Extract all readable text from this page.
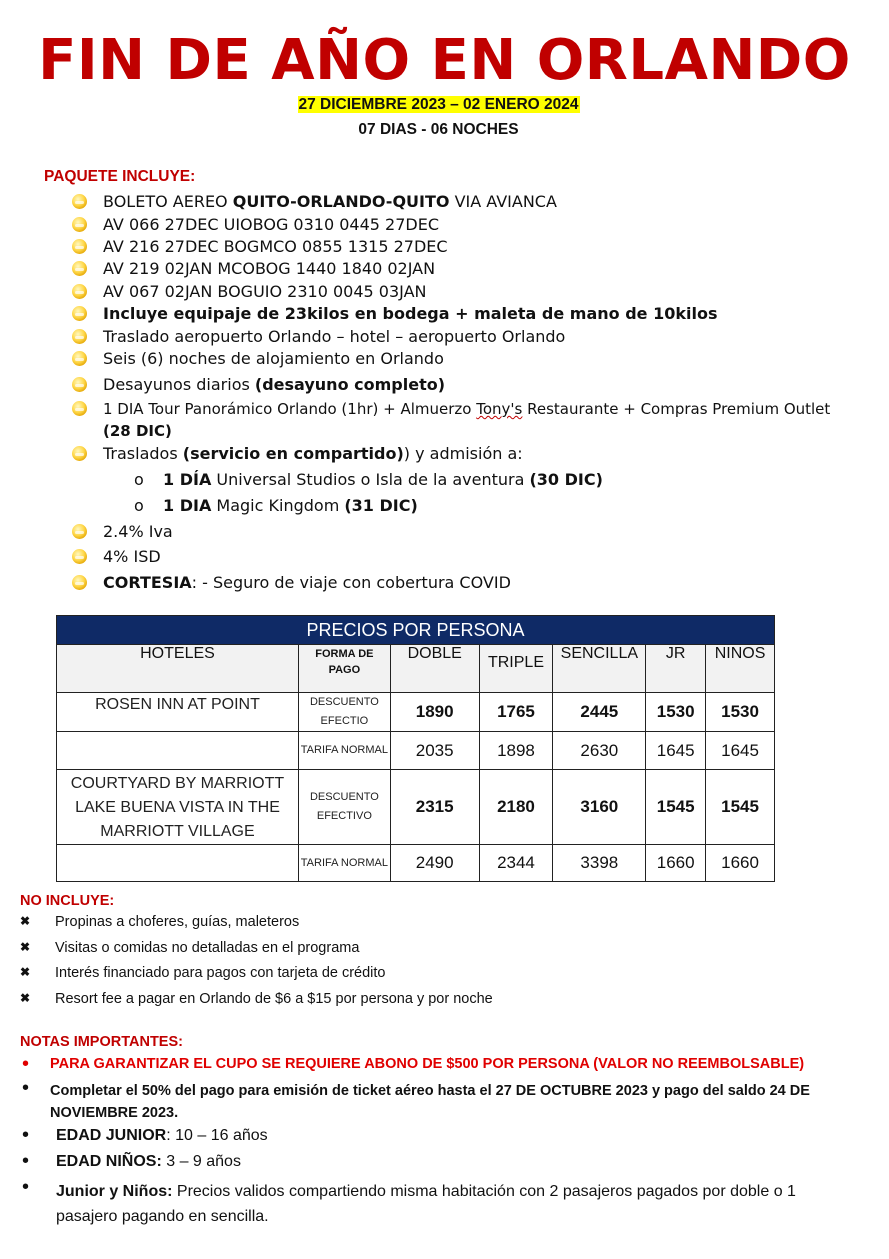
FIN DE AÑO EN ORLANDO
27 DICIEMBRE 2023 – 02 ENERO 2024
07 DIAS - 06 NOCHES
PAQUETE INCLUYE:
BOLETO AEREO QUITO-ORLANDO-QUITO VIA AVIANCA
AV 066 27DEC UIOBOG 0310 0445 27DEC
AV 216 27DEC BOGMCO 0855 1315 27DEC
AV 219 02JAN MCOBOG 1440 1840 02JAN
AV 067 02JAN BOGUIO 2310 0045 03JAN
Incluye equipaje de 23kilos en bodega + maleta de mano de 10kilos
Traslado aeropuerto Orlando – hotel – aeropuerto Orlando
Seis (6) noches de alojamiento en Orlando
Desayunos diarios (desayuno completo)
1 DIA Tour Panorámico Orlando (1hr) + Almuerzo Tony's Restaurante + Compras Premium Outlet (28 DIC)
Traslados (servicio en compartido)) y admisión a:
2.4% Iva
4% ISD
CORTESIA: - Seguro de viaje con cobertura COVID
o 1 DÍA Universal Studios o Isla de la aventura (30 DIC)
o 1 DIA Magic Kingdom (31 DIC)
PRECIOS POR PERSONA						
HOTELES	FORMA DE PAGO	DOBLE	TRIPLE	SENCILLA	JR	NINOS
ROSEN INN AT POINT	DESCUENTO EFECTIO	1890	1765	2445	1530	1530
	TARIFA NORMAL	2035	1898	2630	1645	1645
COURTYARD BY MARRIOTT LAKE BUENA VISTA IN THE MARRIOTT VILLAGE	DESCUENTO EFECTIVO	2315	2180	3160	1545	1545
	TARIFA NORMAL	2490	2344	3398	1660	1660
NO INCLUYE:
✖ Propinas a choferes, guías, maleteros
✖ Visitas o comidas no detalladas en el programa
✖ Interés financiado para pagos con tarjeta de crédito
✖ Resort fee a pagar en Orlando de $6 a $15 por persona y por noche
NOTAS IMPORTANTES:
• PARA GARANTIZAR EL CUPO SE REQUIERE ABONO DE $500 POR PERSONA (VALOR NO REEMBOLSABLE)
• Completar el 50% del pago para emisión de ticket aéreo hasta el 27 DE OCTUBRE 2023 y pago del saldo 24 DE NOVIEMBRE 2023.
• EDAD JUNIOR: 10 – 16 años
• EDAD NIÑOS: 3 – 9 años
• Junior y Niños: Precios validos compartiendo misma habitación con 2 pasajeros pagados por doble o 1 pasajero pagando en sencilla.
